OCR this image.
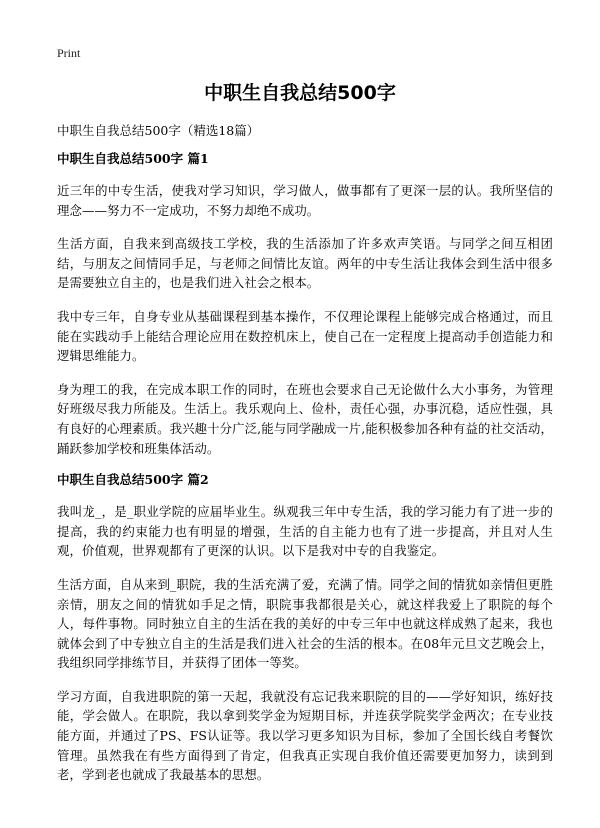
Print
中职生自我总结500字
中职生自我总结500字（精选18篇）
中职生自我总结500字 篇1

近三年的中专生活，使我对学习知识，学习做人，做事都有了更深一层的认。我所坚信的理念——努力不一定成功，不努力却绝不成功。

生活方面，自我来到高级技工学校，我的生活添加了许多欢声笑语。与同学之间互相团结，与朋友之间情同手足，与老师之间情比友谊。两年的中专生活让我体会到生活中很多是需要独立自主的，也是我们进入社会之根本。

我中专三年，自身专业从基础课程到基本操作，不仅理论课程上能够完成合格通过，而且能在实践动手上能结合理论应用在数控机床上，使自己在一定程度上提高动手创造能力和逻辑思维能力。

身为理工的我，在完成本职工作的同时，在班也会要求自己无论做什么大小事务，为管理好班级尽我力所能及。生活上。我乐观向上、俭朴，责任心强，办事沉稳，适应性强，具有良好的心理素质。我兴趣十分广泛,能与同学融成一片,能积极参加各种有益的社交活动，踊跃参加学校和班集体活动。

中职生自我总结500字 篇2

我叫龙_，是_职业学院的应届毕业生。纵观我三年中专生活，我的学习能力有了进一步的提高，我的约束能力也有明显的增强，生活的自主能力也有了进一步提高，并且对人生观，价值观，世界观都有了更深的认识。以下是我对中专的自我鉴定。

生活方面，自从来到_职院，我的生活充满了爱，充满了情。同学之间的情犹如亲情但更胜亲情，朋友之间的情犹如手足之情，职院事我都很是关心，就这样我爱上了职院的每个人，每件事物。同时独立自主的生活在我的美好的中专三年中也就这样成熟了起来，我也就体会到了中专独立自主的生活是我们进入社会的生活的根本。在08年元旦文艺晚会上，我组织同学排练节目，并获得了团体一等奖。

学习方面，自我进职院的第一天起，我就没有忘记我来职院的目的——学好知识，练好技能，学会做人。在职院，我以拿到奖学金为短期目标，并连获学院奖学金两次；在专业技能方面，并通过了PS、FS认证等。我以学习更多知识为目标，参加了全国长线自考餐饮管理。虽然我在有些方面得到了肯定，但我真正实现自我价值还需要更加努力，读到到老，学到老也就成了我最基本的思想。
